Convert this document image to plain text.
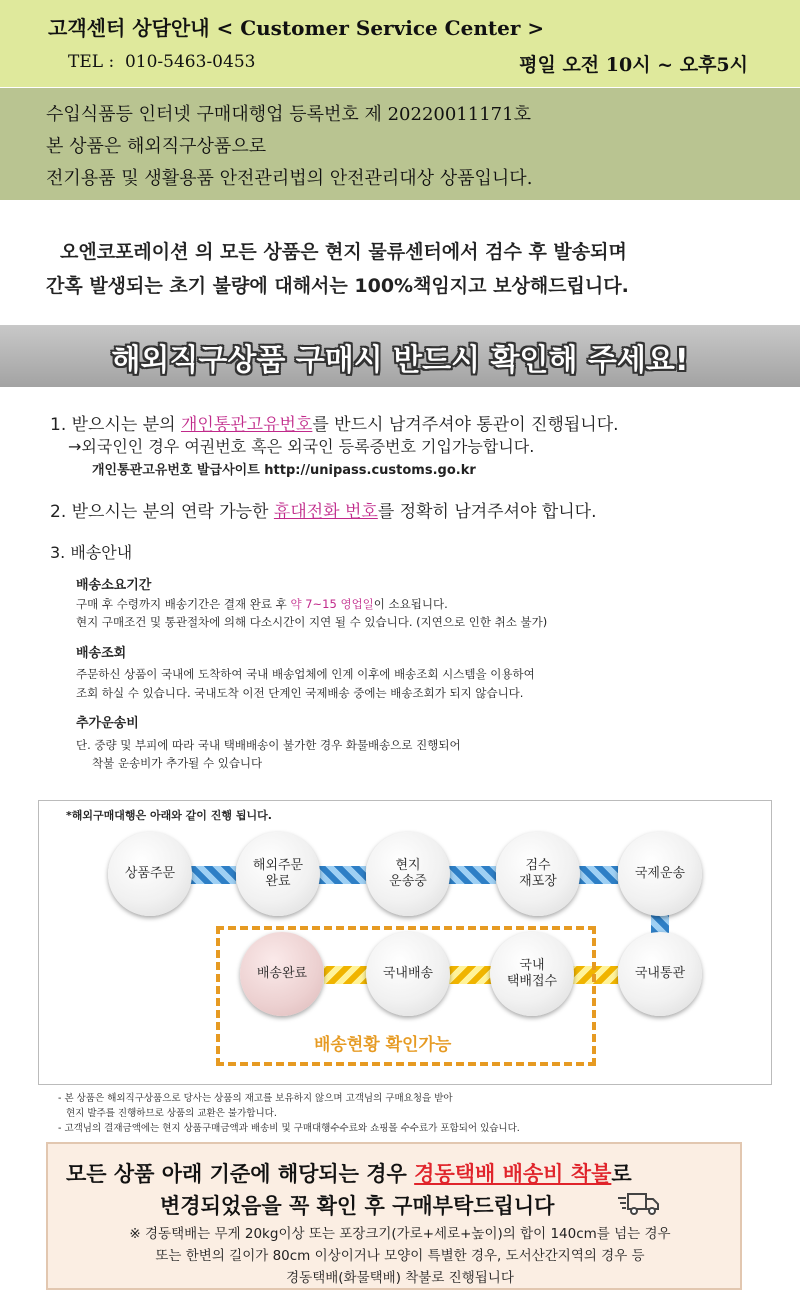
고객센터 상담안내 < Customer Service Center >
TEL : 010-5463-0453	평일 오전 10시 ~ 오후5시

수입식품등 인터넷 구매대행업 등록번호 제 20220011171호

본 상품은 해외직구상품으로

전기용품 및 생활용품 안전관리법의 안전관리대상 상품입니다.

오엔코포레이션 의 모든 상품은 현지 물류센터에서 검수 후 발송되며

간혹 발생되는 초기 불량에 대해서는 100%책임지고 보상해드립니다.

해외직구상품 구매시 반드시 확인해 주세요!
1. 받으시는 분의 개인통관고유번호를 반드시 남겨주셔야 통관이 진행됩니다.
→외국인인 경우 여권번호 혹은 외국인 등록증번호 기입가능합니다.
개인통관고유번호 발급사이트 http://unipass.customs.go.kr
2. 받으시는 분의 연락 가능한 휴대전화 번호를 정확히 남겨주셔야 합니다.
3. 배송안내
배송소요기간
구매 후 수령까지 배송기간은 결재 완료 후 약 7~15 영업일이 소요됩니다.
현지 구매조건 및 통관절차에 의해 다소시간이 지연 될 수 있습니다. (지연으로 인한 취소 불가)
배송조회
주문하신 상품이 국내에 도착하여 국내 배송업체에 인계 이후에 배송조회 시스템을 이용하여
조회 하실 수 있습니다. 국내도착 이전 단계인 국제배송 중에는 배송조회가 되지 않습니다.
추가운송비
단. 중량 및 부피에 따라 국내 택배배송이 불가한 경우 화물배송으로 진행되어
착불 운송비가 추가될 수 있습니다
*해외구매대행은 아래와 같이 진행 됩니다.
상품주문
해외주문
완료
현지
운송중
검수
재포장
국제운송
국내통관
국내
택배접수
국내배송
배송완료
배송현황 확인가능
- 본 상품은 해외직구상품으로 당사는 상품의 재고를 보유하지 않으며 고객님의 구매요청을 받아
현지 발주를 진행하므로 상품의 교환은 불가합니다.
- 고객님의 결재금액에는 현지 상품구매금액과 배송비 및 구매대행수수료와 쇼핑몰 수수료가 포함되어 있습니다.
모든 상품 아래 기준에 해당되는 경우 경동택배 배송비 착불로
변경되었음을 꼭 확인 후 구매부탁드립니다
※ 경동택배는 무게 20kg이상 또는 포장크기(가로+세로+높이)의 합이 140cm를 넘는 경우
또는 한변의 길이가 80cm 이상이거나 모양이 특별한 경우, 도서산간지역의 경우 등
경동택배(화물택배) 착불로 진행됩니다
